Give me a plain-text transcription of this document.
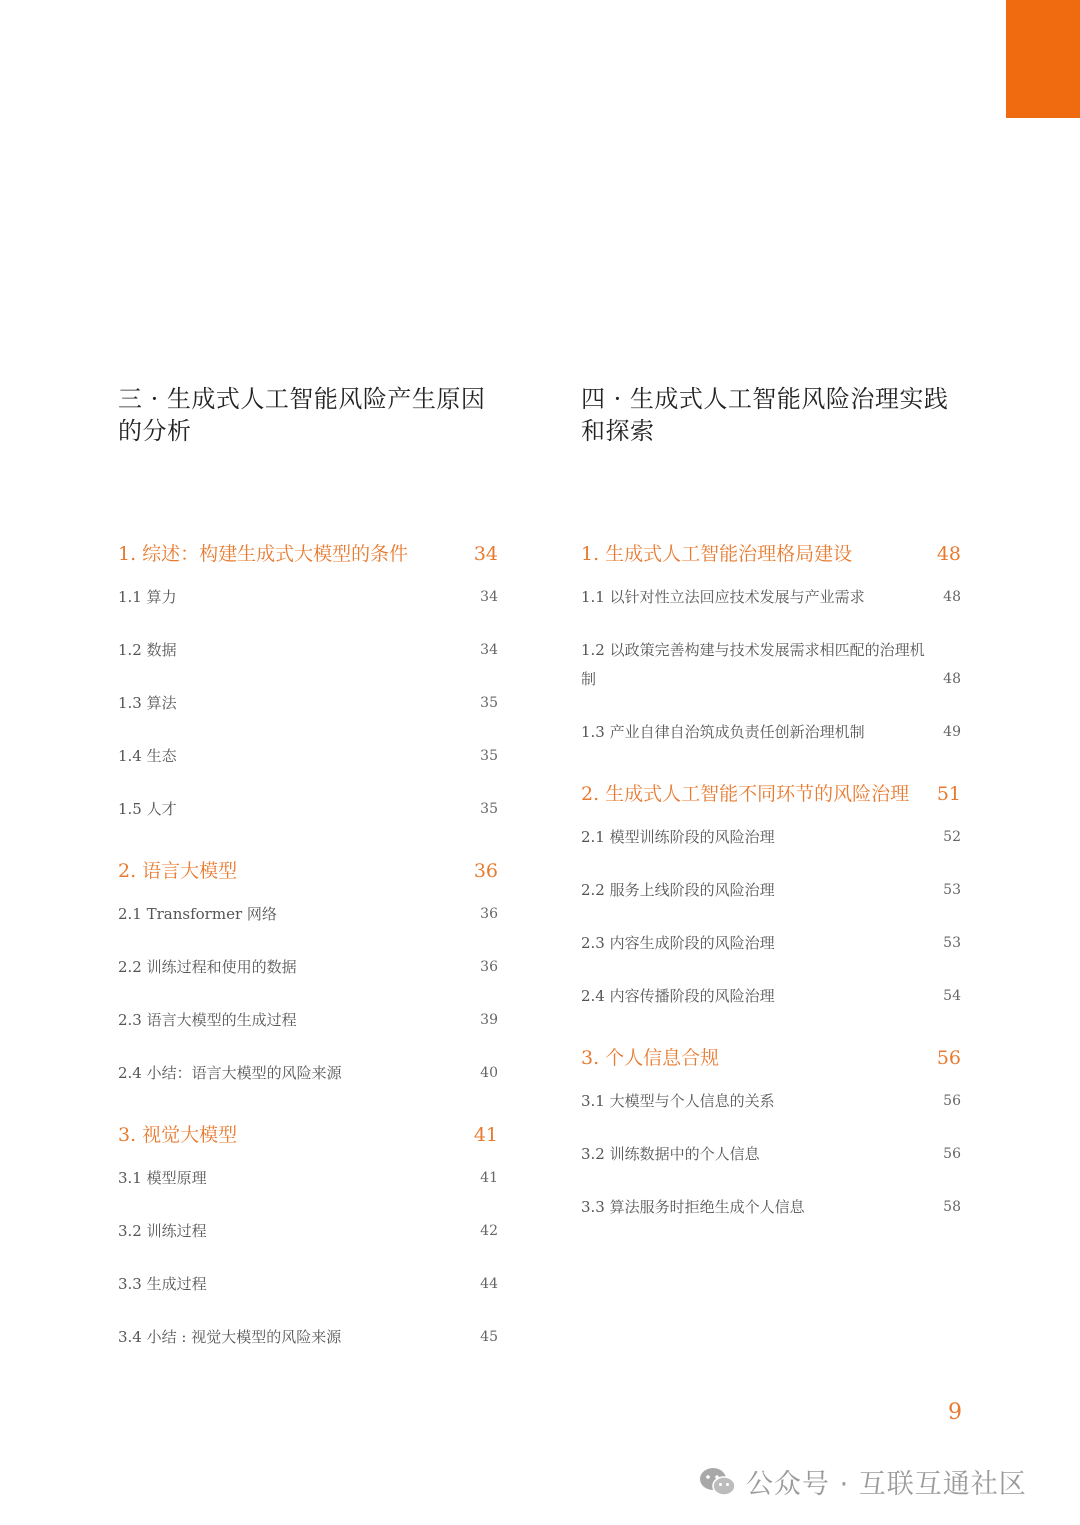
三 · 生成式人工智能风险产生原因的分析
1. 综述：构建生成式大模型的条件	34
1.1 算力	34
1.2 数据	34
1.3 算法	35
1.4 生态	35
1.5 人才	35
2. 语言大模型	36
2.1 Transformer 网络	36
2.2 训练过程和使用的数据	36
2.3 语言大模型的生成过程	39
2.4 小结：语言大模型的风险来源	40
3. 视觉大模型	41
3.1 模型原理	41
3.2 训练过程	42
3.3 生成过程	44
3.4 小结 : 视觉大模型的风险来源	45
四 · 生成式人工智能风险治理实践和探索
1. 生成式人工智能治理格局建设	48
1.1 以针对性立法回应技术发展与产业需求	48
1.2 以政策完善构建与技术发展需求相匹配的治理机制	48
1.3 产业自律自治筑成负责任创新治理机制	49
2. 生成式人工智能不同环节的风险治理	51
2.1 模型训练阶段的风险治理	52
2.2 服务上线阶段的风险治理	53
2.3 内容生成阶段的风险治理	53
2.4 内容传播阶段的风险治理	54
3. 个人信息合规	56
3.1 大模型与个人信息的关系	56
3.2 训练数据中的个人信息	56
3.3 算法服务时拒绝生成个人信息	58
9
公众号 · 互联互通社区
